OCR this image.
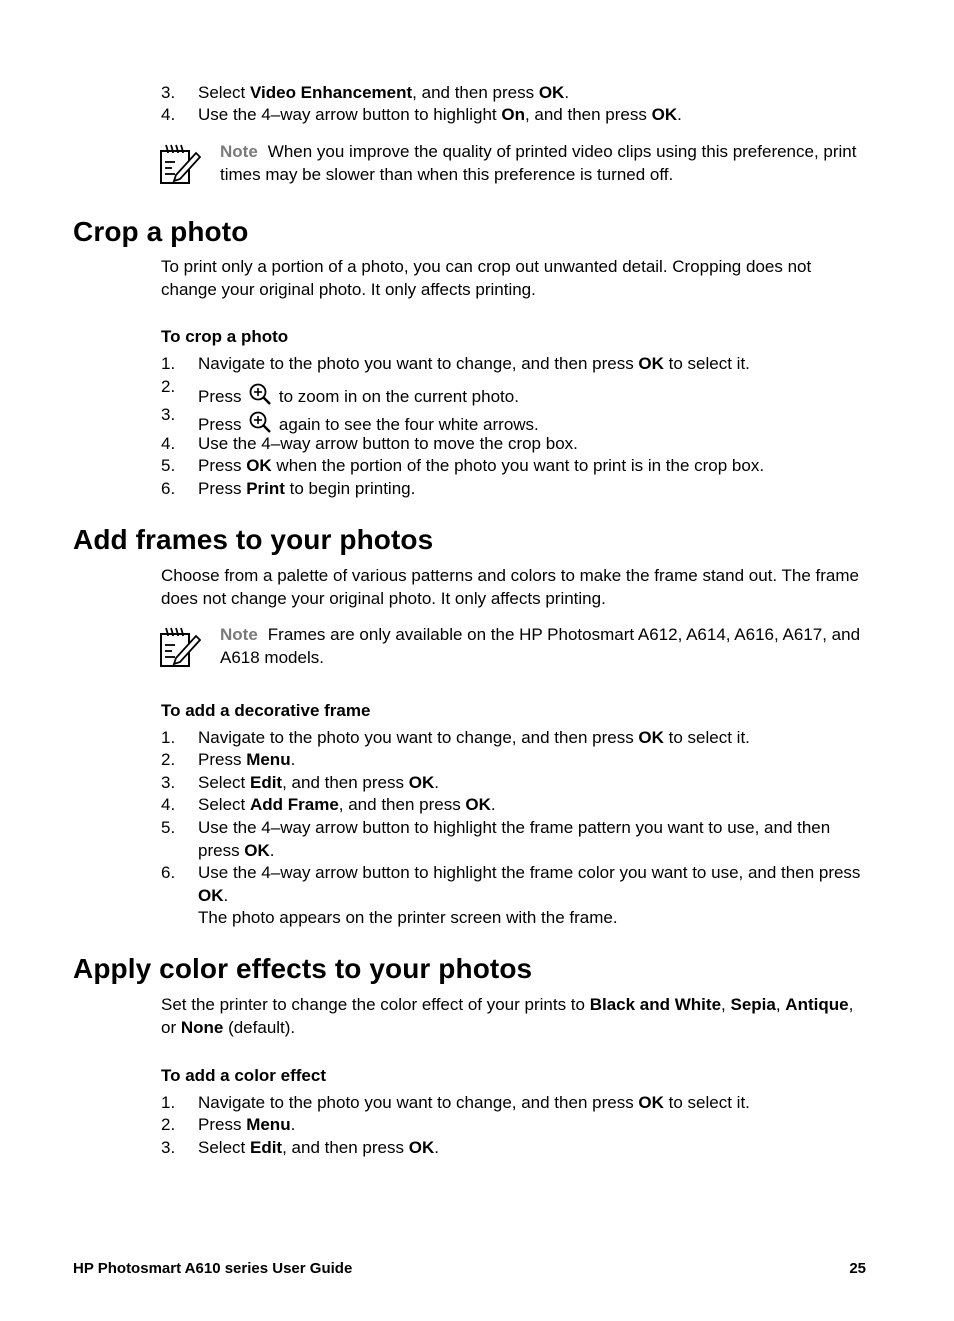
3. Select Video Enhancement, and then press OK.
4. Use the 4–way arrow button to highlight On, and then press OK.
Note When you improve the quality of printed video clips using this preference, print times may be slower than when this preference is turned off.
Crop a photo
To print only a portion of a photo, you can crop out unwanted detail. Cropping does not change your original photo. It only affects printing.
To crop a photo
1. Navigate to the photo you want to change, and then press OK to select it.
2.
Press  to zoom in on the current photo.
3.
Press  again to see the four white arrows.
4. Use the 4–way arrow button to move the crop box.
5. Press OK when the portion of the photo you want to print is in the crop box.
6. Press Print to begin printing.
Add frames to your photos
Choose from a palette of various patterns and colors to make the frame stand out. The frame does not change your original photo. It only affects printing.
Note Frames are only available on the HP Photosmart A612, A614, A616, A617, and A618 models.
To add a decorative frame
1. Navigate to the photo you want to change, and then press OK to select it.
2. Press Menu.
3. Select Edit, and then press OK.
4. Select Add Frame, and then press OK.
5. Use the 4–way arrow button to highlight the frame pattern you want to use, and then press OK.
6. Use the 4–way arrow button to highlight the frame color you want to use, and then press OK.
The photo appears on the printer screen with the frame.
Apply color effects to your photos
Set the printer to change the color effect of your prints to Black and White, Sepia, Antique, or None (default).
To add a color effect
1. Navigate to the photo you want to change, and then press OK to select it.
2. Press Menu.
3. Select Edit, and then press OK.
HP Photosmart A610 series User Guide	25
